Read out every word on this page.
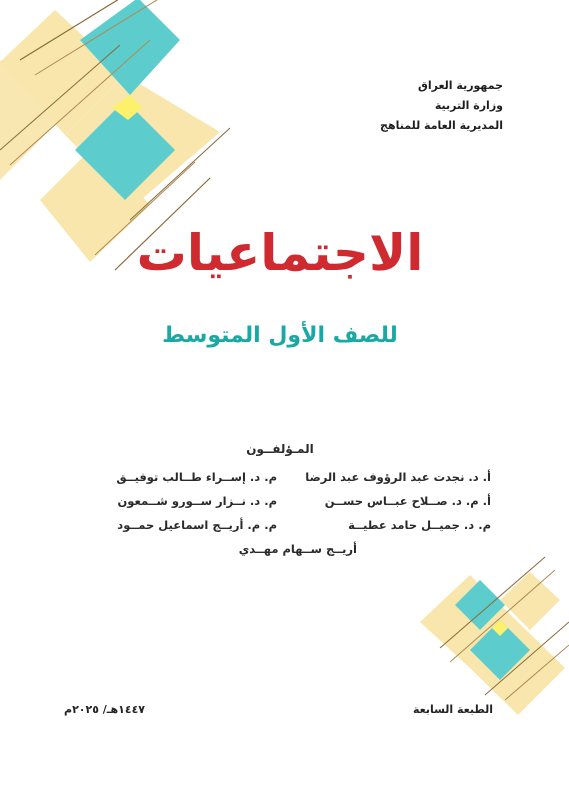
جمهورية العراق
وزارة التربية
المديرية العامة للمناهج
الاجتماعيات
للصف الأول المتوسط
المـؤلفــون
أ. د. نجدت عبد الرؤوف عبد الرضا
م. د. إســراء طــالب توفيــق
أ. م. د. صــلاح عبــاس حســن
م. د. نــزار ســورو شــمعون
م. د. جميــل حامد عطيــة
م. م. أريــج اسماعيل حمــود
أريــج ســهام مهــدي
الطبعة السابعة
١٤٤٧هـ/ ٢٠٢٥م
